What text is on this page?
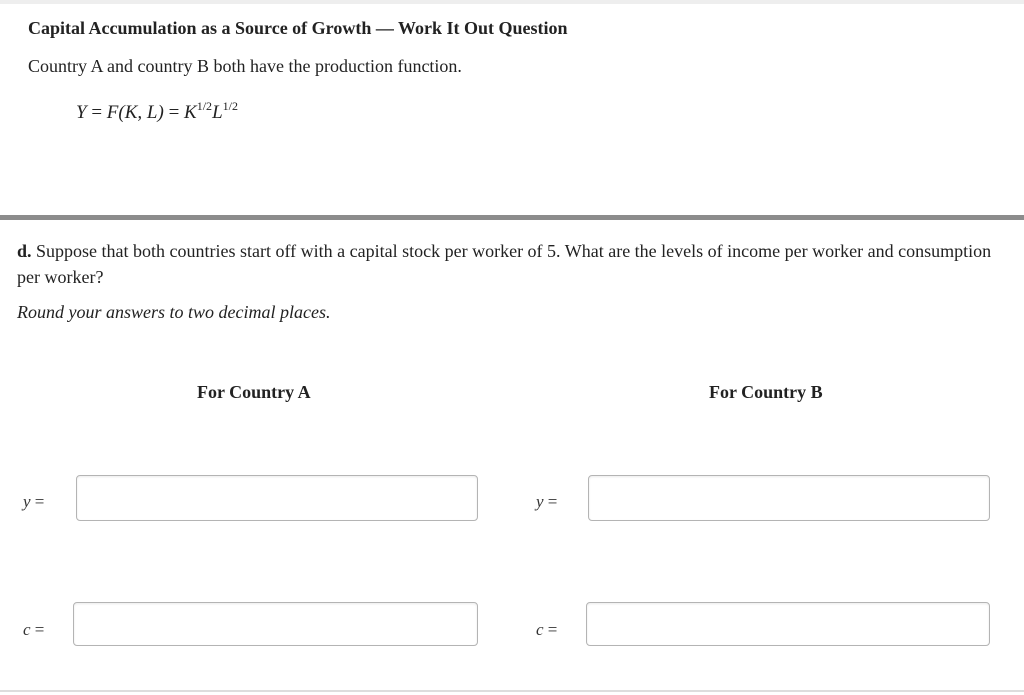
Capital Accumulation as a Source of Growth — Work It Out Question
Country A and country B both have the production function.
Y = F(K, $L) = K^{1/2}L^{1/2}$
d. Suppose that both countries start off with a capital stock per worker of 5. What are the levels of income per worker and consumption per worker?
Round your answers to two decimal places.
For Country A	For Country B
y =	y =
c =	c =
